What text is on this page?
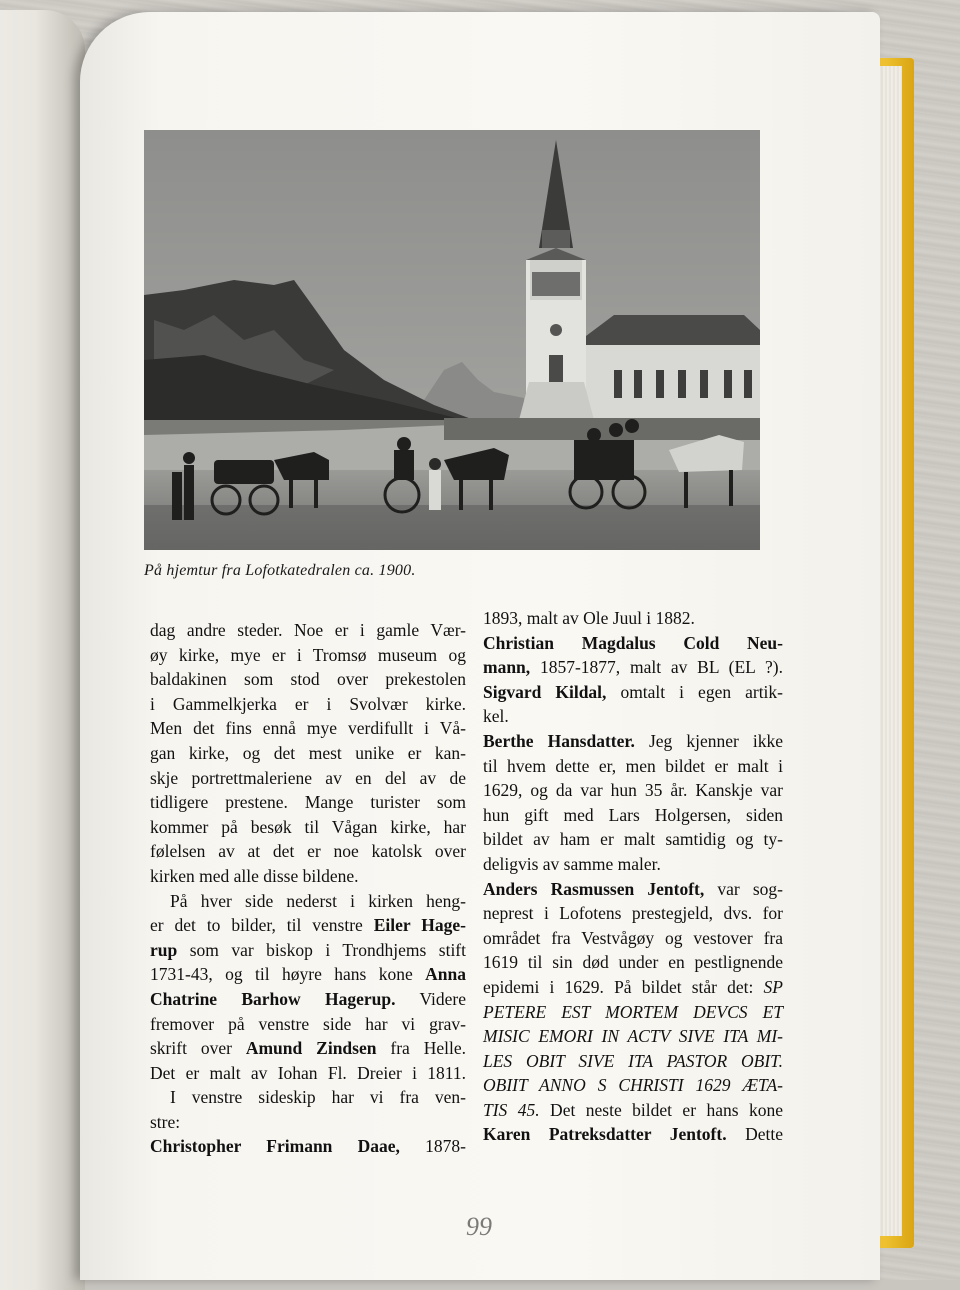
På hjemtur fra Lofotkatedralen ca. 1900.
dag andre steder. Noe er i gamle Vær-
øy kirke, mye er i Tromsø museum og
baldakinen som stod over prekestolen
i Gammelkjerka er i Svolvær kirke.
Men det fins ennå mye verdifullt i Vå-
gan kirke, og det mest unike er kan-
skje portrettmaleriene av en del av de
tidligere prestene. Mange turister som
kommer på besøk til Vågan kirke, har
følelsen av at det er noe katolsk over
kirken med alle disse bildene.
På hver side nederst i kirken heng-
er det to bilder, til venstre Eiler Hage-
rup som var biskop i Trondhjems stift
1731-43, og til høyre hans kone Anna
Chatrine Barhow Hagerup. Videre
fremover på venstre side har vi grav-
skrift over Amund Zindsen fra Helle.
Det er malt av Iohan Fl. Dreier i 1811.
I venstre sideskip har vi fra ven-
stre:
Christopher Frimann Daae, 1878-
1893, malt av Ole Juul i 1882.
Christian Magdalus Cold Neu-
mann, 1857-1877, malt av BL (EL ?).
Sigvard Kildal, omtalt i egen artik-
kel.
Berthe Hansdatter. Jeg kjenner ikke
til hvem dette er, men bildet er malt i
1629, og da var hun 35 år. Kanskje var
hun gift med Lars Holgersen, siden
bildet av ham er malt samtidig og ty-
deligvis av samme maler.
Anders Rasmussen Jentoft, var sog-
neprest i Lofotens prestegjeld, dvs. for
området fra Vestvågøy og vestover fra
1619 til sin død under en pestlignende
epidemi i 1629. På bildet står det: SP
PETERE EST MORTEM DEVCS ET
MISIC EMORI IN ACTV SIVE ITA MI-
LES OBIT SIVE ITA PASTOR OBIT.
OBIIT ANNO S CHRISTI 1629 ÆTA-
TIS 45. Det neste bildet er hans kone
Karen Patreksdatter Jentoft. Dette
99
